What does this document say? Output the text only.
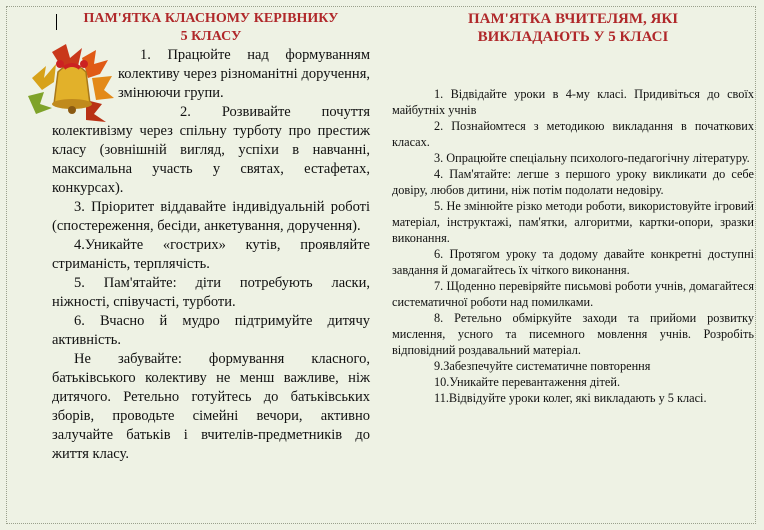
ПАМ'ЯТКА КЛАСНОМУ КЕРІВНИКУ
5 КЛАСУ

1. Працюйте над формуванням колективу через різноманітні доручення, змінюючи групи.

2. Розвивайте почуття колективізму через спільну турботу про престиж класу (зовнішній вигляд, успіхи в навчанні, максимальна участь у святах, естафетах, конкурсах).

3. Пріоритет віддавайте індивідуальній роботі (спостереження, бесіди, анкетування, доручення).

4.Уникайте «гострих» кутів, проявляйте стриманість, терплячість.

5. Пам'ятайте: діти потребують ласки, ніжності, співучасті, турботи.

6. Вчасно й мудро підтримуйте дитячу активність.

Не забувайте: формування класного, батьківського колективу не менш важливе, ніж дитячого. Ретельно готуйтесь до батьківських зборів, проводьте сімейні вечори, активно залучайте батьків і вчителів-предметників до життя класу.

ПАМ'ЯТКА ВЧИТЕЛЯМ, ЯКІ
ВИКЛАДАЮТЬ У 5 КЛАСІ

1. Відвідайте уроки в 4-му класі. Придивіться до своїх майбутніх учнів

2. Познайомтеся з методикою викладання в початкових класах.

3. Опрацюйте спеціальну психолого-педагогічну літературу.

4. Пам'ятайте: легше з першого уроку викликати до себе довіру, любов дитини, ніж потім подолати недовіру.

5. Не змінюйте різко методи роботи, використовуйте ігровий матеріал, інструктажі, пам'ятки, алгоритми, картки-опори, зразки виконання.

6. Протягом уроку та додому давайте конкретні доступні завдання й домагайтесь їх чіткого виконання.

7. Щоденно перевіряйте письмові роботи учнів, домагайтеся систематичної роботи над помилками.

8. Ретельно обміркуйте заходи та прийоми розвитку мислення, усного та писемного мовлення учнів. Розробіть відповідний роздавальний матеріал.

9.Забезпечуйте систематичне повторення

10.Уникайте перевантаження дітей.

11.Відвідуйте уроки колег, які викладають у 5 класі.
